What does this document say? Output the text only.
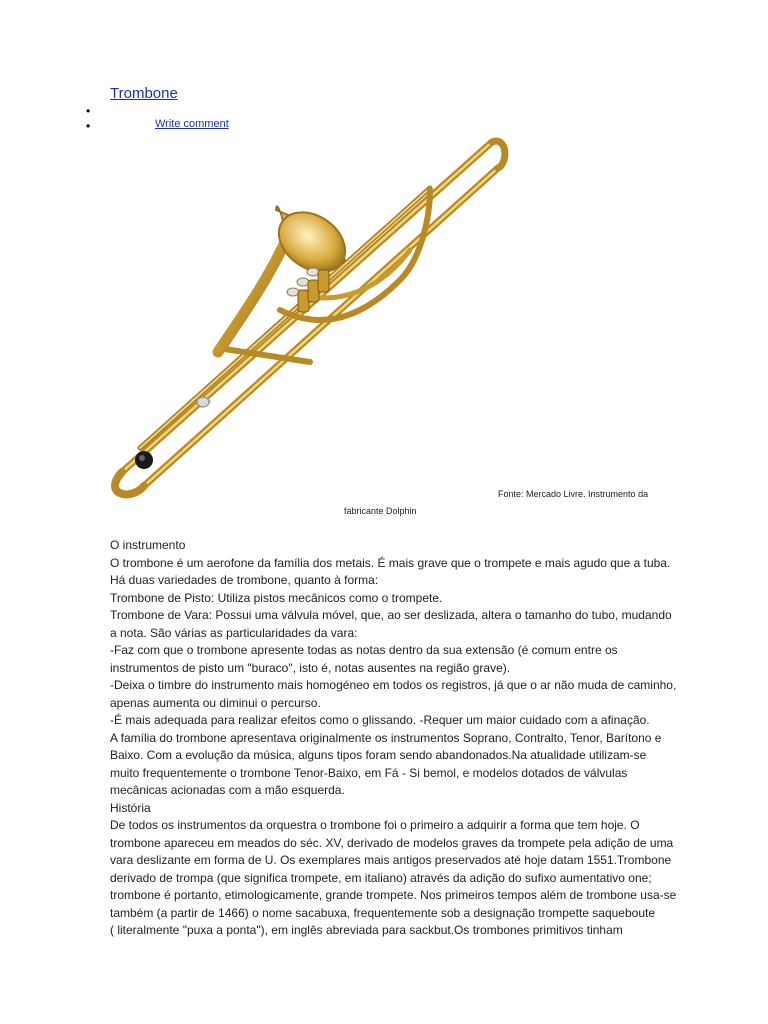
Trombone
•
•	Write comment
Fonte: Mercado Livre. Instrumento da
fabricante Dolphin

O instrumento

O trombone é um aerofone da família dos metais. É mais grave que o trompete e mais agudo que a tuba.

Há duas variedades de trombone, quanto à forma:

Trombone de Pisto: Utiliza pistos mecânicos como o trompete.

Trombone de Vara: Possui uma válvula móvel, que, ao ser deslizada, altera o tamanho do tubo, mudando

a nota. São várias as particularidades da vara:

-Faz com que o trombone apresente todas as notas dentro da sua extensão (é comum entre os

instrumentos de pisto um "buraco", isto é, notas ausentes na região grave).

-Deixa o timbre do instrumento mais homogéneo em todos os registros, já que o ar não muda de caminho,

apenas aumenta ou diminui o percurso.

-É mais adequada para realizar efeitos como o glissando. -Requer um maior cuidado com a afinação.

A família do trombone apresentava originalmente os instrumentos Soprano, Contralto, Tenor, Barítono e

Baixo. Com a evolução da música, alguns tipos foram sendo abandonados.Na atualidade utilizam-se

muito frequentemente o trombone Tenor-Baixo, em Fá - Si bemol, e modelos dotados de válvulas

mecânicas acionadas com a mão esquerda.

História

De todos os instrumentos da orquestra o trombone foi o primeiro a adquirir a forma que tem hoje. O

trombone apareceu em meados do séc. XV, derivado de modelos graves da trompete pela adição de uma

vara deslizante em forma de U. Os exemplares mais antigos preservados até hoje datam 1551.Trombone

derivado de trompa (que significa trompete, em italiano) através da adição do sufixo aumentativo one;

trombone é portanto, etimologicamente, grande trompete. Nos primeiros tempos além de trombone usa-se

também (a partir de 1466) o nome sacabuxa, frequentemente sob a designação trompette saqueboute

( literalmente "puxa a ponta"), em inglês abreviada para sackbut.Os trombones primitivos tinham
